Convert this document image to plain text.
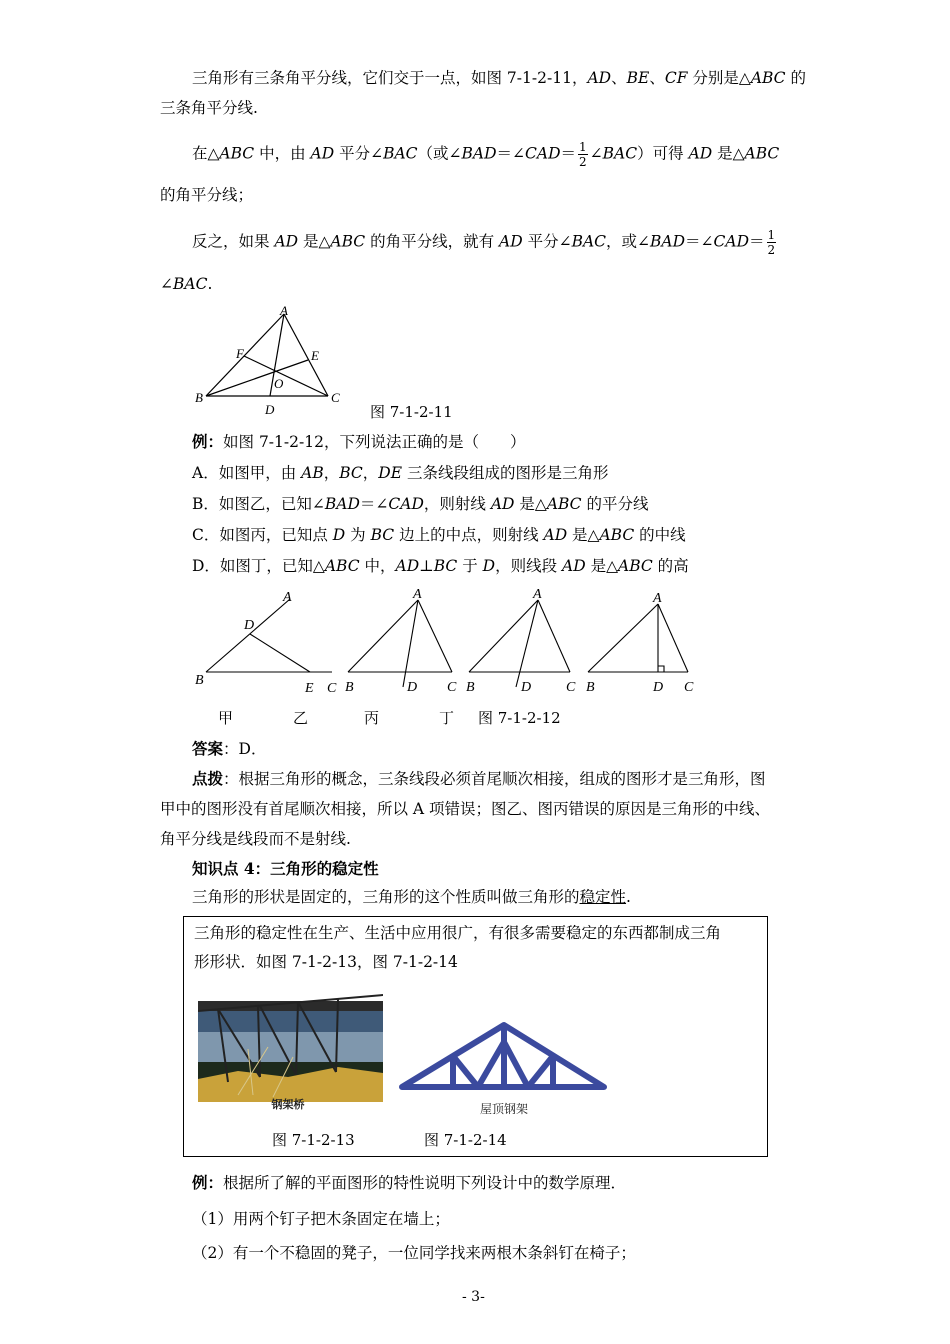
三角形有三条角平分线，它们交于一点，如图 7-1-2-11，AD、BE、CF 分别是△ABC 的
三条角平分线.
在△ABC 中，由 AD 平分∠BAC（或∠BAD＝∠CAD＝ $\frac{1}{2}$ ∠BAC）可得 AD 是△ABC
的角平分线；
反之，如果 AD 是△ABC 的角平分线，就有 AD 平分∠BAC，或∠BAD＝∠CAD＝ $\frac{1}{2}$
∠BAC.
A
B	C
D
E
F
O
图 7-1-2-11
例：如图 7-1-2-12，下列说法正确的是（　　）
A．如图甲，由 AB，BC，DE 三条线段组成的图形是三角形
B．如图乙，已知∠BAD＝∠CAD，则射线 AD 是△ABC 的平分线
C．如图丙，已知点 D 为 BC 边上的中点，则射线 AD 是△ABC 的中线
D．如图丁，已知△ABC 中，AD⊥BC 于 D，则线段 AD 是△ABC 的高
A
D
B
E C
A
B	D C
A
B	D C
A
B	D C
甲	乙	丙	丁 图 7-1-2-12
答案：D．
点拨：根据三角形的概念，三条线段必须首尾顺次相接，组成的图形才是三角形，图
甲中的图形没有首尾顺次相接，所以 A 项错误；图乙、图丙错误的原因是三角形的中线、
角平分线是线段而不是射线.
知识点 4：三角形的稳定性
三角形的形状是固定的，三角形的这个性质叫做三角形的稳定性.
三角形的稳定性在生产、生活中应用很广，有很多需要稳定的东西都制成三角
形形状．如图 7-1-2-13，图 7-1-2-14
钢架桥	屋顶钢架
图 7-1-2-13	图 7-1-2-14
例：根据所了解的平面图形的特性说明下列设计中的数学原理．
（1）用两个钉子把木条固定在墙上；
（2）有一个不稳固的凳子，一位同学找来两根木条斜钉在椅子；
- 3-
